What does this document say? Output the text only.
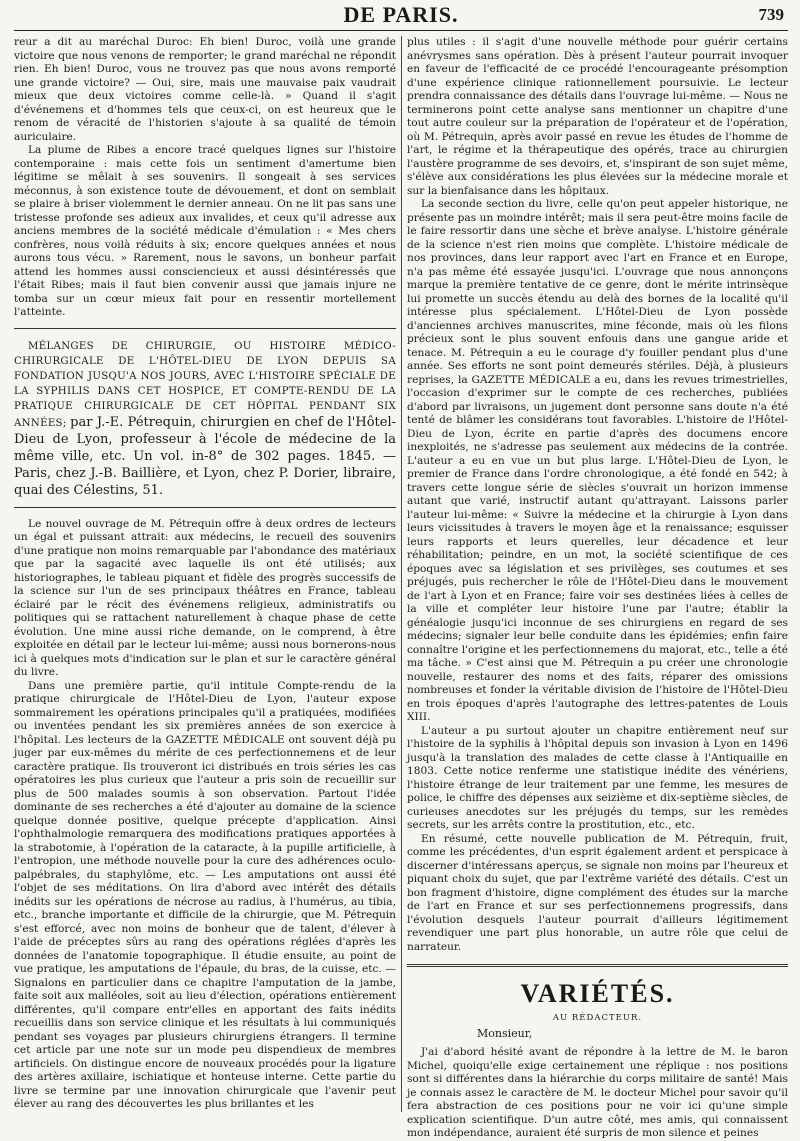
DE PARIS.	739

reur a dit au maréchal Duroc: Eh bien! Duroc, voilà une grande victoire que nous venons de remporter; le grand maréchal ne répondit rien. Eh bien! Duroc, vous ne trouvez pas que nous avons remporté une grande victoire? — Oui, sire, mais une mauvaise paix vaudrait mieux que deux victoires comme celle-là. » Quand il s'agit d'événemens et d'hommes tels que ceux-ci, on est heureux que le renom de véracité de l'historien s'ajoute à sa qualité de témoin auriculaire.

La plume de Ribes a encore tracé quelques lignes sur l'histoire contemporaine : mais cette fois un sentiment d'amertume bien légitime se mêlait à ses souvenirs. Il songeait à ses services méconnus, à son existence toute de dévouement, et dont on semblait se plaire à briser violemment le dernier anneau. On ne lit pas sans une tristesse profonde ses adieux aux invalides, et ceux qu'il adresse aux anciens membres de la société médicale d'émulation : « Mes chers confrères, nous voilà réduits à six; encore quelques années et nous aurons tous vécu. » Rarement, nous le savons, un bonheur parfait attend les hommes aussi consciencieux et aussi désintéressés que l'était Ribes; mais il faut bien convenir aussi que jamais injure ne tomba sur un cœur mieux fait pour en ressentir mortellement l'atteinte.

MÉLANGES DE CHIRURGIE, OU HISTOIRE MÉDICO-CHIRURGICALE DE L'HÔTEL-DIEU DE LYON DEPUIS SA FONDATION JUSQU'A NOS JOURS, AVEC L'HISTOIRE SPÉCIALE DE LA SYPHILIS DANS CET HOSPICE, ET COMPTE-RENDU DE LA PRATIQUE CHIRURGICALE DE CET HÔPITAL PENDANT SIX ANNÉES; par J.-E. Pétrequin, chirurgien en chef de l'Hôtel-Dieu de Lyon, professeur à l'école de médecine de la même ville, etc. Un vol. in-8° de 302 pages. 1845. — Paris, chez J.-B. Baillière, et Lyon, chez P. Dorier, libraire, quai des Célestins, 51.

Le nouvel ouvrage de M. Pétrequin offre à deux ordres de lecteurs un égal et puissant attrait: aux médecins, le recueil des souvenirs d'une pratique non moins remarquable par l'abondance des matériaux que par la sagacité avec laquelle ils ont été utilisés; aux historiographes, le tableau piquant et fidèle des progrès successifs de la science sur l'un de ses principaux théâtres en France, tableau éclairé par le récit des événemens religieux, administratifs ou politiques qui se rattachent naturellement à chaque phase de cette évolution. Une mine aussi riche demande, on le comprend, à être exploitée en détail par le lecteur lui-même; aussi nous bornerons-nous ici à quelques mots d'indication sur le plan et sur le caractère général du livre.

Dans une première partie, qu'il intitule Compte-rendu de la pratique chirurgicale de l'Hôtel-Dieu de Lyon, l'auteur expose sommairement les opérations principales qu'il a pratiquées, modifiées ou inventées pendant les six premières années de son exercice à l'hôpital. Les lecteurs de la GAZETTE MÉDICALE ont souvent déjà pu juger par eux-mêmes du mérite de ces perfectionnemens et de leur caractère pratique. Ils trouveront ici distribués en trois séries les cas opératoires les plus curieux que l'auteur a pris soin de recueillir sur plus de 500 malades soumis à son observation. Partout l'idée dominante de ses recherches a été d'ajouter au domaine de la science quelque donnée positive, quelque précepte d'application. Ainsi l'ophthalmologie remarquera des modifications pratiques apportées à la strabotomie, à l'opération de la cataracte, à la pupille artificielle, à l'entropion, une méthode nouvelle pour la cure des adhérences oculo-palpébrales, du staphylôme, etc. — Les amputations ont aussi été l'objet de ses méditations. On lira d'abord avec intérêt des détails inédits sur les opérations de nécrose au radius, à l'humérus, au tibia, etc., branche importante et difficile de la chirurgie, que M. Pétrequin s'est efforcé, avec non moins de bonheur que de talent, d'élever à l'aide de préceptes sûrs au rang des opérations réglées d'après les données de l'anatomie topographique. Il étudie ensuite, au point de vue pratique, les amputations de l'épaule, du bras, de la cuisse, etc. — Signalons en particulier dans ce chapitre l'amputation de la jambe, faite soit aux malléoles, soit au lieu d'élection, opérations entièrement différentes, qu'il compare entr'elles en apportant des faits inédits recueillis dans son service clinique et les résultats à lui communiqués pendant ses voyages par plusieurs chirurgiens étrangers. Il termine cet article par une note sur un mode peu dispendieux de membres artificiels. On distingue encore de nouveaux procédés pour la ligature des artères axillaire, ischiatique et honteuse interne. Cette partie du livre se termine par une innovation chirurgicale que l'avenir peut élever au rang des découvertes les plus brillantes et les

plus utiles : il s'agit d'une nouvelle méthode pour guérir certains anévrysmes sans opération. Dès à présent l'auteur pourrait invoquer en faveur de l'efficacité de ce procédé l'encourageante présomption d'une expérience clinique rationnellement poursuivie. Le lecteur prendra connaissance des détails dans l'ouvrage lui-même. — Nous ne terminerons point cette analyse sans mentionner un chapitre d'une tout autre couleur sur la préparation de l'opérateur et de l'opération, où M. Pétrequin, après avoir passé en revue les études de l'homme de l'art, le régime et la thérapeutique des opérés, trace au chirurgien l'austère programme de ses devoirs, et, s'inspirant de son sujet même, s'élève aux considérations les plus élevées sur la médecine morale et sur la bienfaisance dans les hôpitaux.

La seconde section du livre, celle qu'on peut appeler historique, ne présente pas un moindre intérêt; mais il sera peut-être moins facile de le faire ressortir dans une sèche et brève analyse. L'histoire générale de la science n'est rien moins que complète. L'histoire médicale de nos provinces, dans leur rapport avec l'art en France et en Europe, n'a pas même été essayée jusqu'ici. L'ouvrage que nous annonçons marque la première tentative de ce genre, dont le mérite intrinsèque lui promette un succès étendu au delà des bornes de la localité qu'il intéresse plus spécialement. L'Hôtel-Dieu de Lyon possède d'anciennes archives manuscrites, mine féconde, mais où les filons précieux sont le plus souvent enfouis dans une gangue aride et tenace. M. Pétrequin a eu le courage d'y fouiller pendant plus d'une année. Ses efforts ne sont point demeurés stériles. Déjà, à plusieurs reprises, la GAZETTE MÉDICALE a eu, dans les revues trimestrielles, l'occasion d'exprimer sur le compte de ces recherches, publiées d'abord par livraisons, un jugement dont personne sans doute n'a été tenté de blâmer les considérans tout favorables. L'histoire de l'Hôtel-Dieu de Lyon, écrite en partie d'après des documens encore inexploités, ne s'adresse pas seulement aux médecins de la contrée. L'auteur a eu en vue un but plus large. L'Hôtel-Dieu de Lyon, le premier de France dans l'ordre chronologique, a été fondé en 542; à travers cette longue série de siècles s'ouvrait un horizon immense autant que varié, instructif autant qu'attrayant. Laissons parler l'auteur lui-même: « Suivre la médecine et la chirurgie à Lyon dans leurs vicissitudes à travers le moyen âge et la renaissance; esquisser leurs rapports et leurs querelles, leur décadence et leur réhabilitation; peindre, en un mot, la société scientifique de ces époques avec sa législation et ses privilèges, ses coutumes et ses préjugés, puis rechercher le rôle de l'Hôtel-Dieu dans le mouvement de l'art à Lyon et en France; faire voir ses destinées liées à celles de la ville et compléter leur histoire l'une par l'autre; établir la généalogie jusqu'ici inconnue de ses chirurgiens en regard de ses médecins; signaler leur belle conduite dans les épidémies; enfin faire connaître l'origine et les perfectionnemens du majorat, etc., telle a été ma tâche. » C'est ainsi que M. Pétrequin a pu créer une chronologie nouvelle, restaurer des noms et des faits, réparer des omissions nombreuses et fonder la véritable division de l'histoire de l'Hôtel-Dieu en trois époques d'après l'autographe des lettres-patentes de Louis XIII.

L'auteur a pu surtout ajouter un chapitre entièrement neuf sur l'histoire de la syphilis à l'hôpital depuis son invasion à Lyon en 1496 jusqu'à la translation des malades de cette classe à l'Antiquaille en 1803. Cette notice renferme une statistique inédite des vénériens, l'histoire étrange de leur traitement par une femme, les mesures de police, le chiffre des dépenses aux seizième et dix-septième siècles, de curieuses anecdotes sur les préjugés du temps, sur les remèdes secrets, sur les arrêts contre la prostitution, etc., etc.

En résumé, cette nouvelle publication de M. Pétrequin, fruit, comme les précédentes, d'un esprit également ardent et perspicace à discerner d'intéressans aperçus, se signale non moins par l'heureux et piquant choix du sujet, que par l'extrême variété des détails. C'est un bon fragment d'histoire, digne complément des études sur la marche de l'art en France et sur ses perfectionnemens progressifs, dans l'évolution desquels l'auteur pourrait d'ailleurs légitimement revendiquer une part plus honorable, un autre rôle que celui de narrateur.

VARIÉTÉS.
AU RÉDACTEUR.
Monsieur,

J'ai d'abord hésité avant de répondre à la lettre de M. le baron Michel, quoiqu'elle exige certainement une réplique : nos positions sont si différentes dans la hiérarchie du corps militaire de santé! Mais je connais assez le caractère de M. le docteur Michel pour savoir qu'il fera abstraction de ces positions pour ne voir ici qu'une simple explication scientifique. D'un autre côté, mes amis, qui connaissent mon indépendance, auraient été surpris de mon silence et peines
